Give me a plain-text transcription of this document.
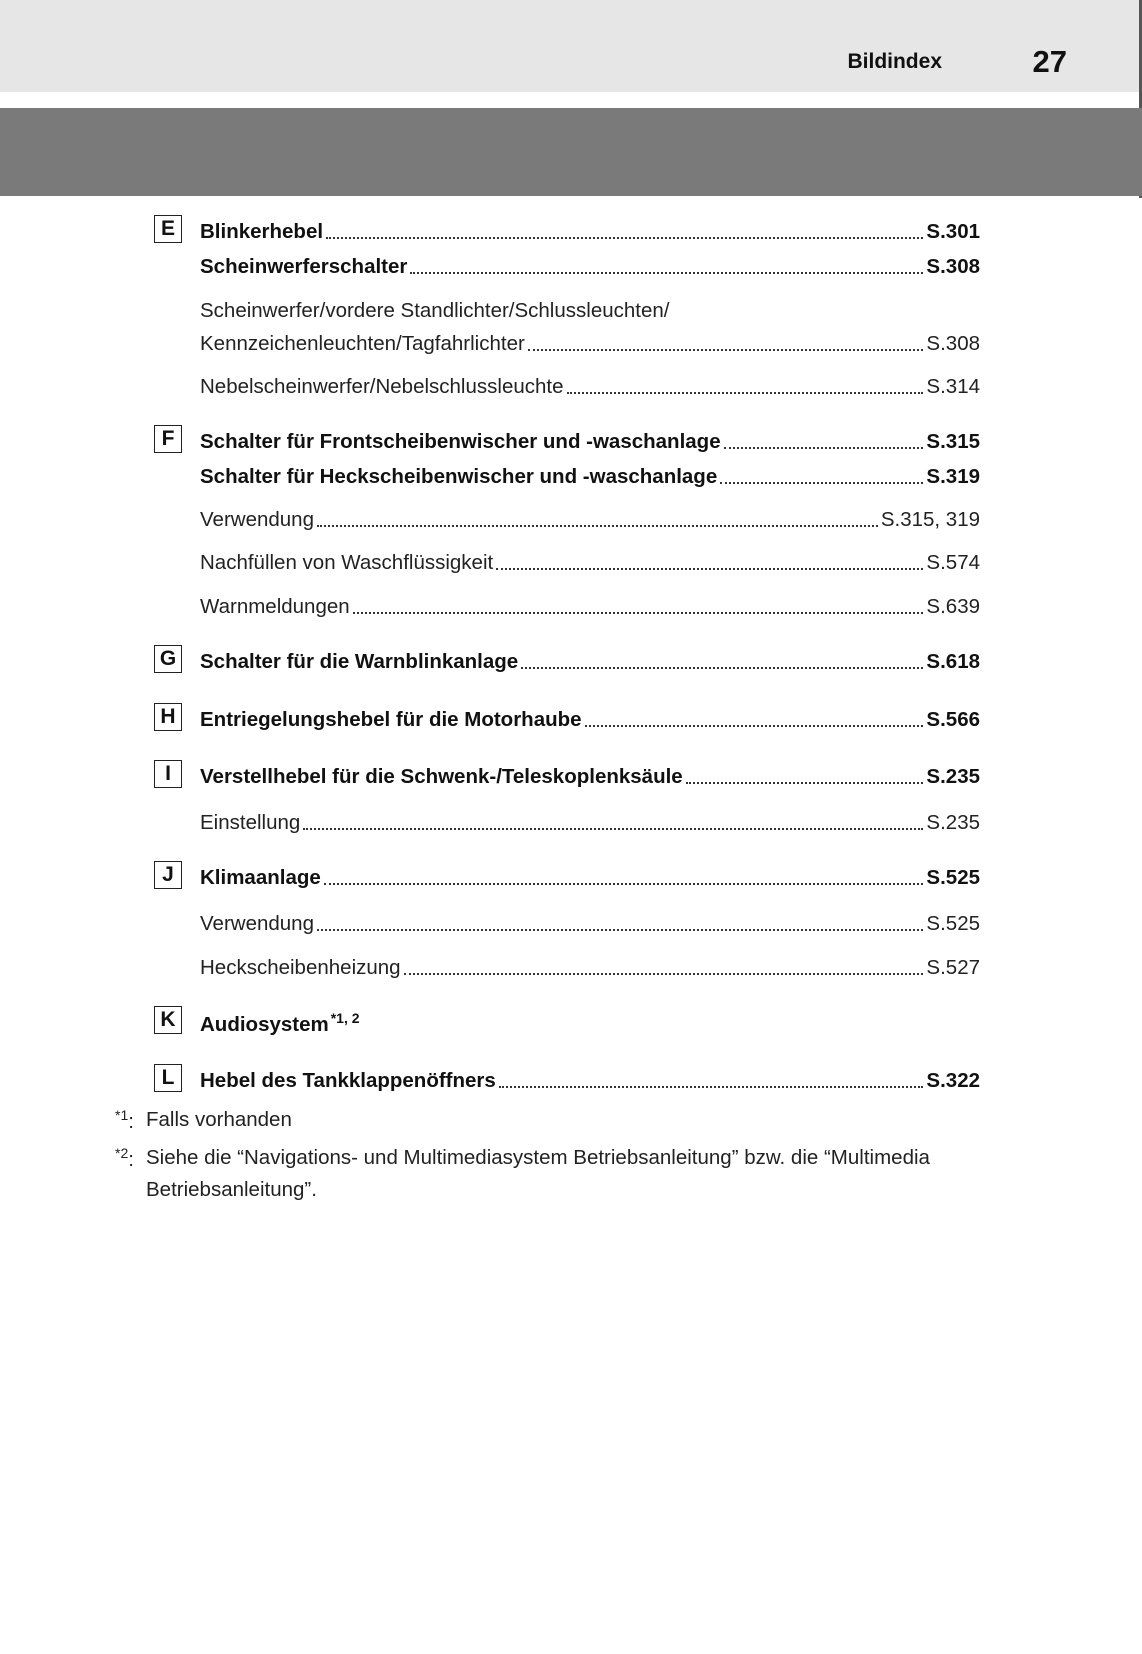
Bildindex	27
E	Blinkerhebel	S.301
Scheinwerferschalter	S.308
Scheinwerfer/vordere Standlichter/Schlussleuchten/
Kennzeichenleuchten/Tagfahrlichter	S.308
Nebelscheinwerfer/Nebelschlussleuchte	S.314
F	Schalter für Frontscheibenwischer und -waschanlage	S.315
Schalter für Heckscheibenwischer und -waschanlage	S.319
Verwendung	S.315, 319
Nachfüllen von Waschflüssigkeit	S.574
Warnmeldungen	S.639
G Schalter für die Warnblinkanlage	S.618
H	Entriegelungshebel für die Motorhaube	S.566
I	Verstellhebel für die Schwenk-/Teleskoplenksäule	S.235
Einstellung	S.235
J	Klimaanlage	S.525
Verwendung	S.525
Heckscheibenheizung	S.527
K	Audiosystem $^{*1, 2}$
L	Hebel des Tankklappenöffners	S.322
$^{*1}$: Falls vorhanden
$^{*2}$: Siehe die “Navigations- und Multimediasystem Betriebsanleitung” bzw. die “Multimedia Betriebsanleitung”.
